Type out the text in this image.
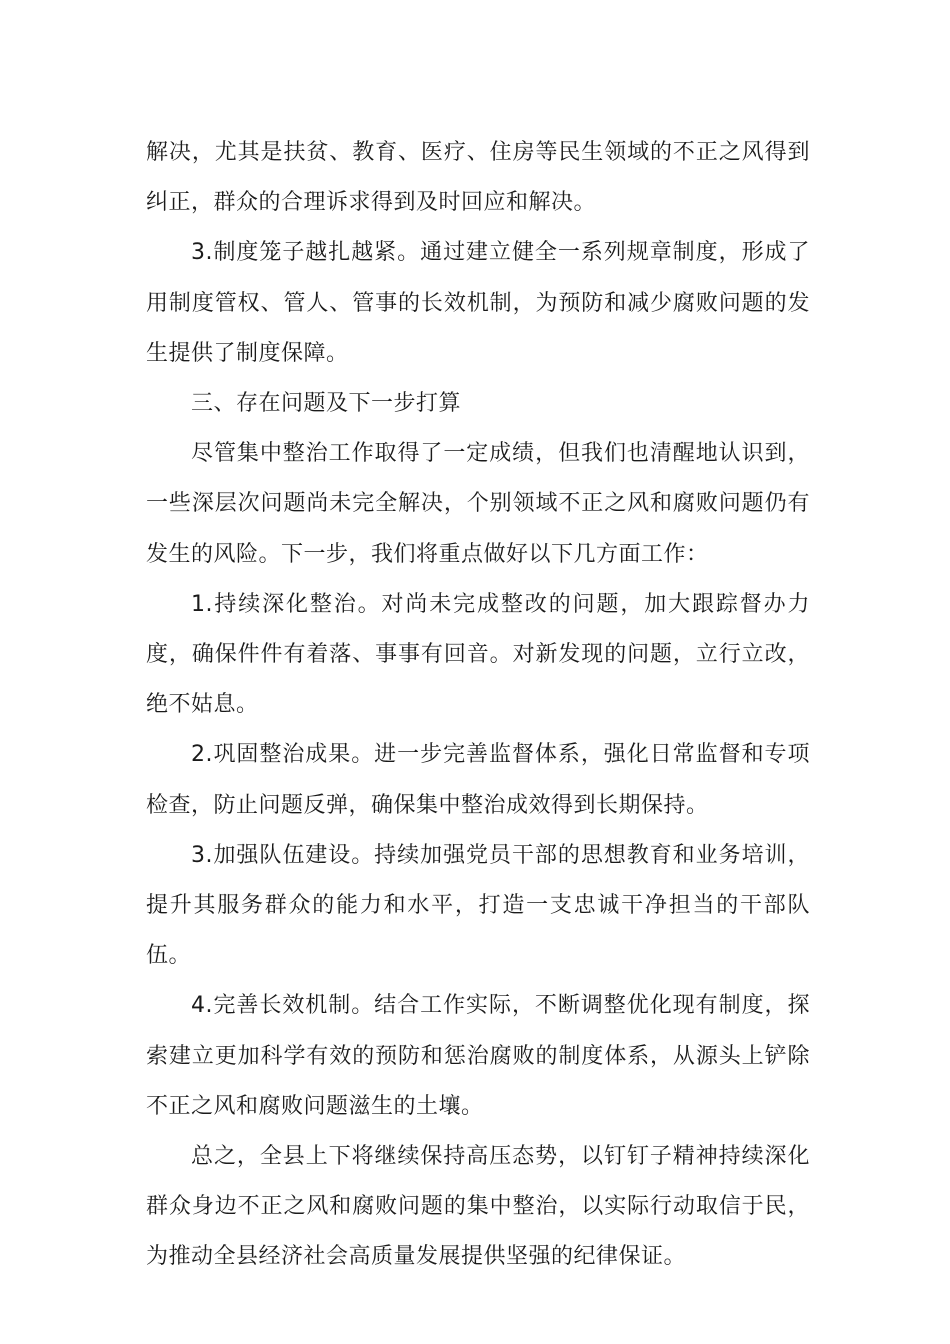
解决，尤其是扶贫、教育、医疗、住房等民生领域的不正之风得到纠正，群众的合理诉求得到及时回应和解决。

3.制度笼子越扎越紧。通过建立健全一系列规章制度，形成了用制度管权、管人、管事的长效机制，为预防和减少腐败问题的发生提供了制度保障。

三、存在问题及下一步打算

尽管集中整治工作取得了一定成绩，但我们也清醒地认识到，一些深层次问题尚未完全解决，个别领域不正之风和腐败问题仍有发生的风险。下一步，我们将重点做好以下几方面工作：

1.持续深化整治。对尚未完成整改的问题，加大跟踪督办力度，确保件件有着落、事事有回音。对新发现的问题，立行立改，绝不姑息。

2.巩固整治成果。进一步完善监督体系，强化日常监督和专项检查，防止问题反弹，确保集中整治成效得到长期保持。

3.加强队伍建设。持续加强党员干部的思想教育和业务培训，提升其服务群众的能力和水平，打造一支忠诚干净担当的干部队伍。

4.完善长效机制。结合工作实际，不断调整优化现有制度，探索建立更加科学有效的预防和惩治腐败的制度体系，从源头上铲除不正之风和腐败问题滋生的土壤。

总之，全县上下将继续保持高压态势，以钉钉子精神持续深化群众身边不正之风和腐败问题的集中整治，以实际行动取信于民，为推动全县经济社会高质量发展提供坚强的纪律保证。
